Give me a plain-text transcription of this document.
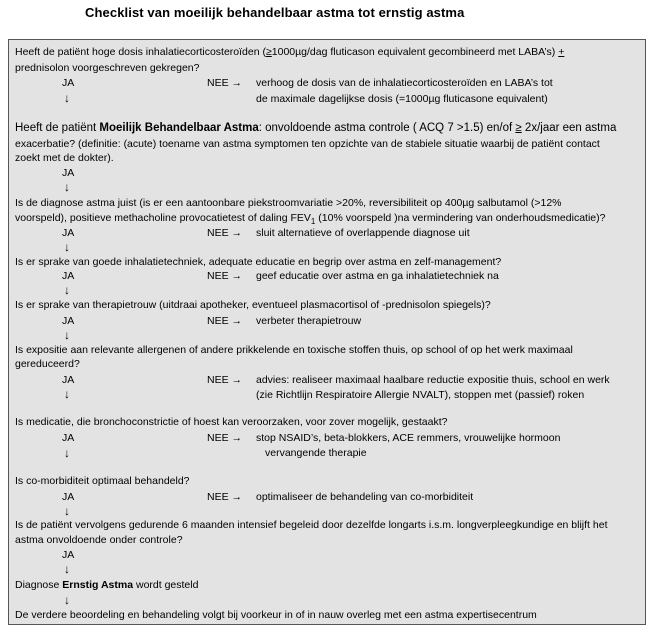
Checklist van moeilijk behandelbaar astma tot ernstig astma
Heeft de patiënt hoge dosis inhalatiecorticosteroïden (≥1000µg/dag fluticason equivalent gecombineerd met LABA’s) +
prednisolon voorgeschreven gekregen?
JA	NEE → verhoog de dosis van de inhalatiecorticosteroïden en LABA’s tot
↓	de maximale dagelijkse dosis (=1000µg fluticasone equivalent)
Heeft de patiënt Moeilijk Behandelbaar Astma: onvoldoende astma controle ( ACQ 7 >1.5) en/of ≥ 2x/jaar een astma
exacerbatie? (definitie: (acute) toename van astma symptomen ten opzichte van de stabiele situatie waarbij de patiënt contact
zoekt met de dokter).
JA
↓
Is de diagnose astma juist (is er een aantoonbare piekstroomvariatie >20%, reversibiliteit op 400µg salbutamol (>12%
voorspeld), positieve methacholine provocatietest of daling $FEV_1$ (10% voorspeld )na vermindering van onderhoudsmedicatie)?
JA	NEE → sluit alternatieve of overlappende diagnose uit
↓
Is er sprake van goede inhalatietechniek, adequate educatie en begrip over astma en zelf-management?
JA	NEE → geef educatie over astma en ga inhalatietechniek na
↓
Is er sprake van therapietrouw (uitdraai apotheker, eventueel plasmacortisol of -prednisolon spiegels)?
JA	NEE → verbeter therapietrouw
↓
Is expositie aan relevante allergenen of andere prikkelende en toxische stoffen thuis, op school of op het werk maximaal
gereduceerd?
JA	NEE → advies: realiseer maximaal haalbare reductie expositie thuis, school en werk
↓	(zie Richtlijn Respiratoire Allergie NVALT), stoppen met (passief) roken
Is medicatie, die bronchoconstrictie of hoest kan veroorzaken, voor zover mogelijk, gestaakt?
JA	NEE → stop NSAID’s, beta-blokkers, ACE remmers, vrouwelijke hormoon
vervangende therapie
↓
Is co-morbiditeit optimaal behandeld?
JA	NEE → optimaliseer de behandeling van co-morbiditeit
↓
Is de patiënt vervolgens gedurende 6 maanden intensief begeleid door dezelfde longarts i.s.m. longverpleegkundige en blijft het
astma onvoldoende onder controle?
JA
↓
Diagnose Ernstig Astma wordt gesteld
↓
De verdere beoordeling en behandeling volgt bij voorkeur in of in nauw overleg met een astma expertisecentrum
